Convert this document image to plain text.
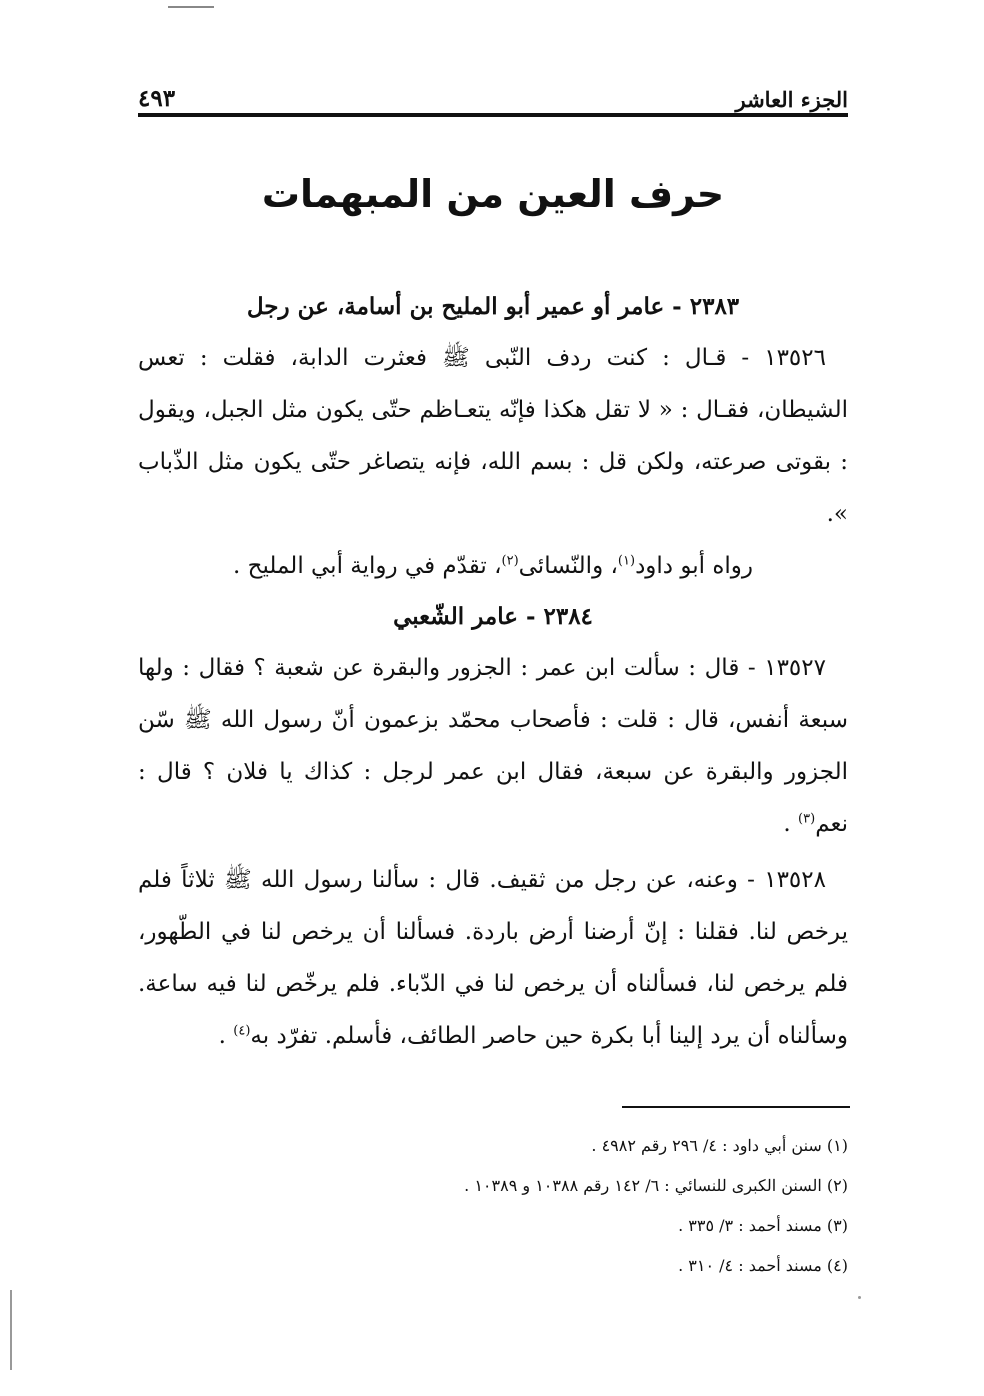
٤٩٣	الجزء العاشر
حرف العين من المبهمات
٢٣٨٣ - عامر أو عمير أبو المليح بن أسامة، عن رجل

١٣٥٢٦ - قـال : كنت ردف النّبى ﷺ فعثرت الدابة، فقلت : تعس الشيطان، فقـال : « لا تقل هكذا فإنّه يتعـاظم حتّى يكون مثل الجبل، ويقول : بقوتى صرعته، ولكن قل : بسم الله، فإنه يتصاغر حتّى يكون مثل الذّباب ».

رواه أبو داود$^{(١)}$، والنّسائى$^{(٢)}$، تقدّم في رواية أبي المليح .

٢٣٨٤ - عامر الشّعبي

١٣٥٢٧ - قال : سألت ابن عمر : الجزور والبقرة عن شعبة ؟ فقال : ولها سبعة أنفس، قال : قلت : فأصحاب محمّد بزعمون أنّ رسول الله ﷺ سّن الجزور والبقرة عن سبعة، فقال ابن عمر لرجل : كذاك يا فلان ؟ قال : نعم$^{(٣)}$ .

١٣٥٢٨ - وعنه، عن رجل من ثقيف. قال : سألنا رسول الله ﷺ ثلاثاً فلم يرخص لنا. فقلنا : إنّ أرضنا أرض باردة. فسألنا أن يرخص لنا في الطّهور، فلم يرخص لنا، فسألناه أن يرخص لنا في الدّباء. فلم يرخّص لنا فيه ساعة. وسألناه أن يرد إلينا أبا بكرة حين حاصر الطائف، فأسلم. تفرّد به$^{(٤)}$ .

(١) سنن أبي داود : ٤/ ٢٩٦ رقم ٤٩٨٢ .
(٢) السنن الكبرى للنسائي : ٦/ ١٤٢ رقم ١٠٣٨٨ و ١٠٣٨٩ .
(٣) مسند أحمد : ٣/ ٣٣٥ .
(٤) مسند أحمد : ٤/ ٣١٠ .
